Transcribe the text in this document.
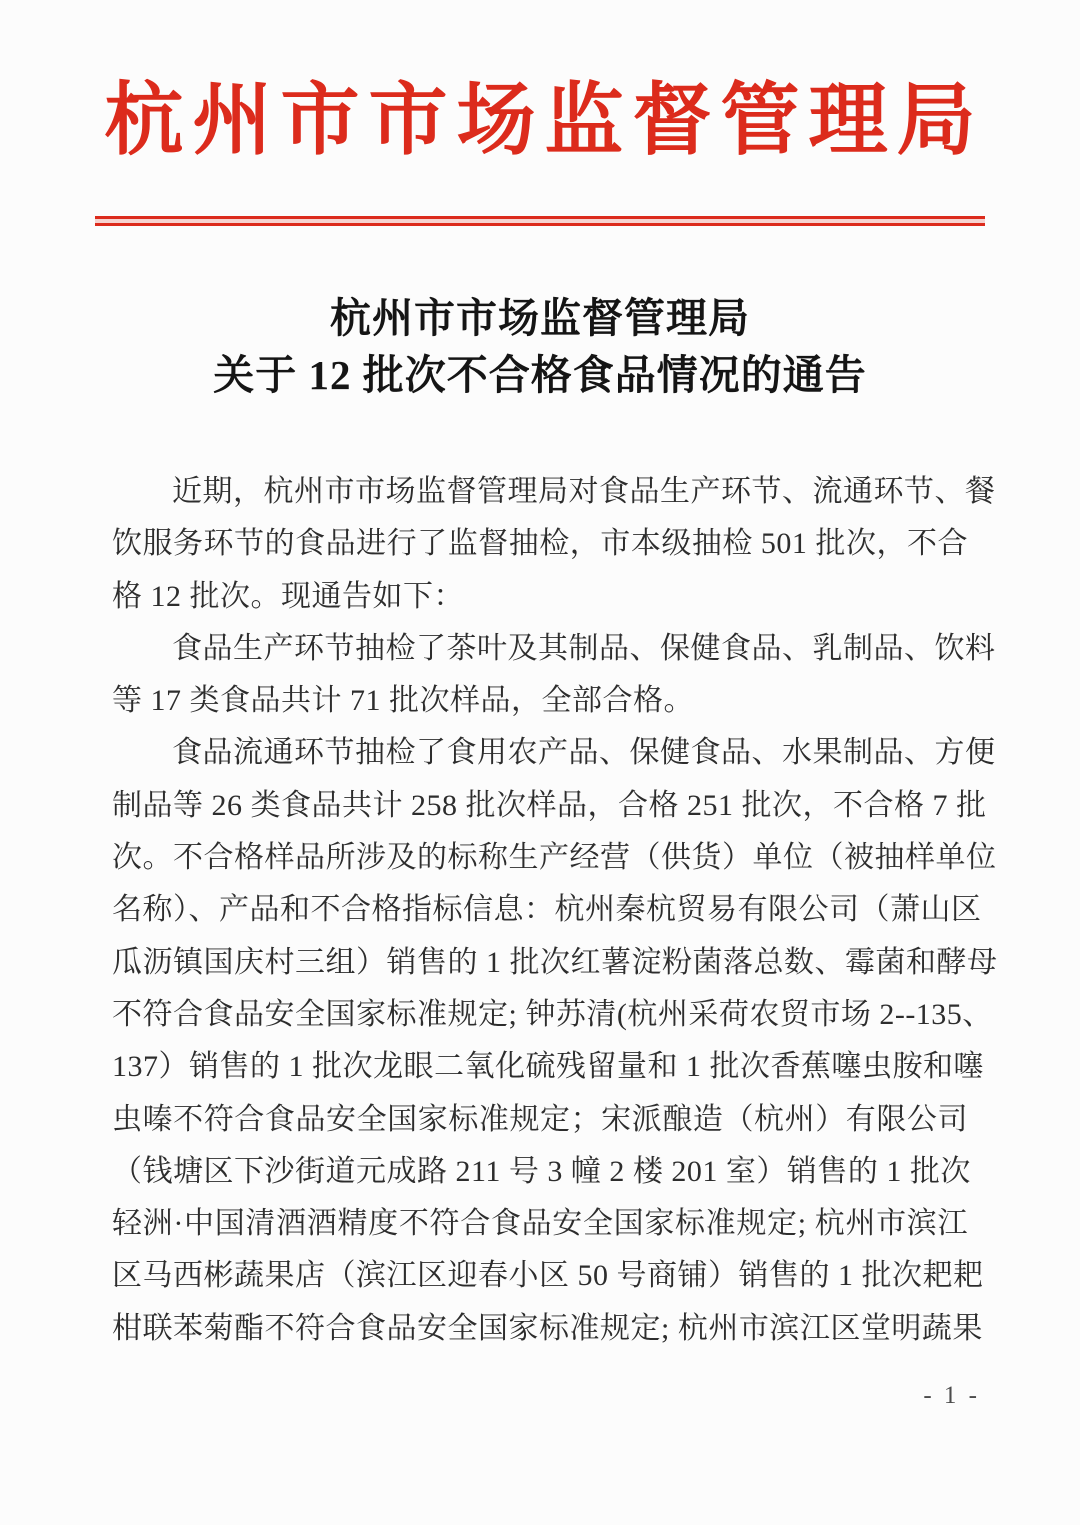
杭州市市场监督管理局
杭州市市场监督管理局
关于 12 批次不合格食品情况的通告
近期，杭州市市场监督管理局对食品生产环节、流通环节、餐
饮服务环节的食品进行了监督抽检，市本级抽检 501 批次，不合
格 12 批次。现通告如下：
食品生产环节抽检了茶叶及其制品、保健食品、乳制品、饮料
等 17 类食品共计 71 批次样品，全部合格。
食品流通环节抽检了食用农产品、保健食品、水果制品、方便
制品等 26 类食品共计 258 批次样品，合格 251 批次，不合格 7 批
次。不合格样品所涉及的标称生产经营（供货）单位（被抽样单位
名称）、产品和不合格指标信息：杭州秦杭贸易有限公司（萧山区
瓜沥镇国庆村三组）销售的 1 批次红薯淀粉菌落总数、霉菌和酵母
不符合食品安全国家标准规定; 钟苏清(杭州采荷农贸市场 2--135、
137）销售的 1 批次龙眼二氧化硫残留量和 1 批次香蕉噻虫胺和噻
虫嗪不符合食品安全国家标准规定；宋派酿造（杭州）有限公司
（钱塘区下沙街道元成路 211 号 3 幢 2 楼 201 室）销售的 1 批次
轻洲·中国清酒酒精度不符合食品安全国家标准规定; 杭州市滨江
区马西彬蔬果店（滨江区迎春小区 50 号商铺）销售的 1 批次耙耙
柑联苯菊酯不符合食品安全国家标准规定; 杭州市滨江区堂明蔬果
- 1 -
